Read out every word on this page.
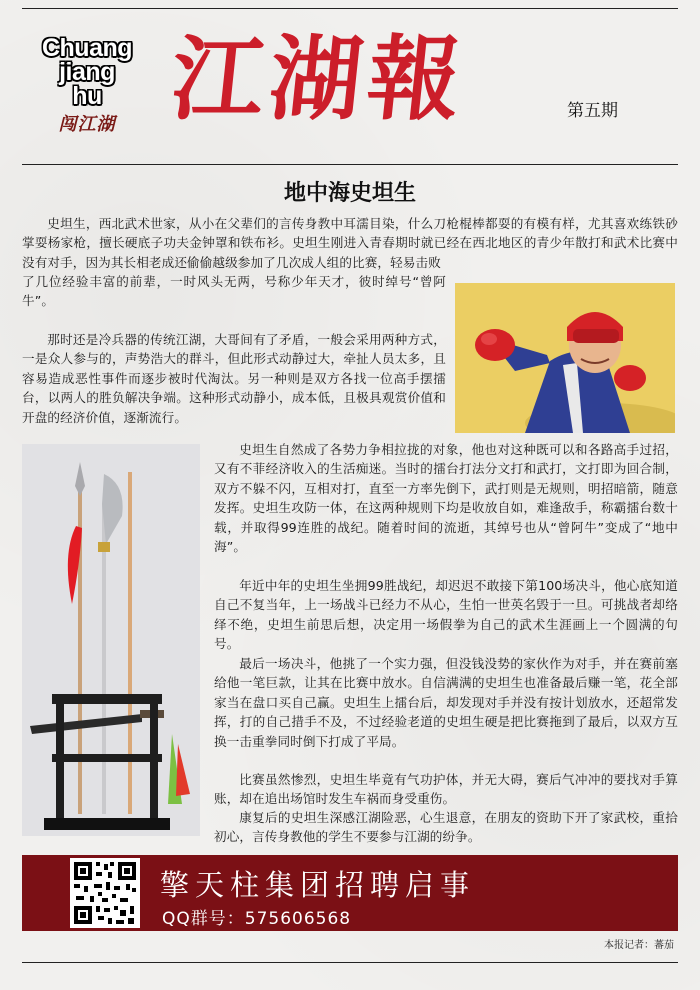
Chuang
jiang
hu
闯江湖 江湖報	第五期
地中海史坦生

史坦生，西北武术世家，从小在父辈们的言传身教中耳濡目染，什么刀枪棍棒都耍的有模有样，尤其喜欢练铁砂掌耍杨家枪，擅长硬底子功夫金钟罩和铁布衫。史坦生刚进入青春期时就已经在西北地区的青少年散打和武术比赛中没有对手，因为其长相老成还偷偷越级参加了几次成人组的比赛，轻易击败

了几位经验丰富的前辈，一时风头无两，号称少年天才，彼时绰号“曾阿牛”。

那时还是冷兵器的传统江湖，大哥间有了矛盾，一般会采用两种方式，一是众人参与的，声势浩大的群斗，但此形式动静过大，牵扯人员太多，且容易造成恶性事件而逐步被时代淘汰。另一种则是双方各找一位高手摆擂台，以两人的胜负解决争端。这种形式动静小，成本低，且极具观赏价值和开盘的经济价值，逐渐流行。

史坦生自然成了各势力争相拉拢的对象，他也对这种既可以和各路高手过招，又有不菲经济收入的生活痴迷。当时的擂台打法分文打和武打，文打即为回合制，双方不躲不闪，互相对打，直至一方率先倒下，武打则是无规则，明招暗箭，随意发挥。史坦生攻防一体，在这两种规则下均是收放自如，难逢敌手，称霸擂台数十载，并取得99连胜的战纪。随着时间的流逝，其绰号也从“曾阿牛”变成了“地中海”。

年近中年的史坦生坐拥99胜战纪，却迟迟不敢接下第100场决斗，他心底知道自己不复当年，上一场战斗已经力不从心，生怕一世英名毁于一旦。可挑战者却络绎不绝，史坦生前思后想，决定用一场假拳为自己的武术生涯画上一个圆满的句号。

最后一场决斗，他挑了一个实力强，但没钱没势的家伙作为对手，并在赛前塞给他一笔巨款，让其在比赛中放水。自信满满的史坦生也准备最后赚一笔，花全部家当在盘口买自己赢。史坦生上擂台后，却发现对手并没有按计划放水，还超常发挥，打的自己措手不及，不过经验老道的史坦生硬是把比赛拖到了最后，以双方互换一击重拳同时倒下打成了平局。

比赛虽然惨烈，史坦生毕竟有气功护体，并无大碍，赛后气冲冲的要找对手算账，却在追出场馆时发生车祸而身受重伤。

康复后的史坦生深感江湖险恶，心生退意，在朋友的资助下开了家武校，重拾初心，言传身教他的学生不要参与江湖的纷争。

擎天柱集团招聘启事
QQ群号：575606568
本报记者：蕃茄
